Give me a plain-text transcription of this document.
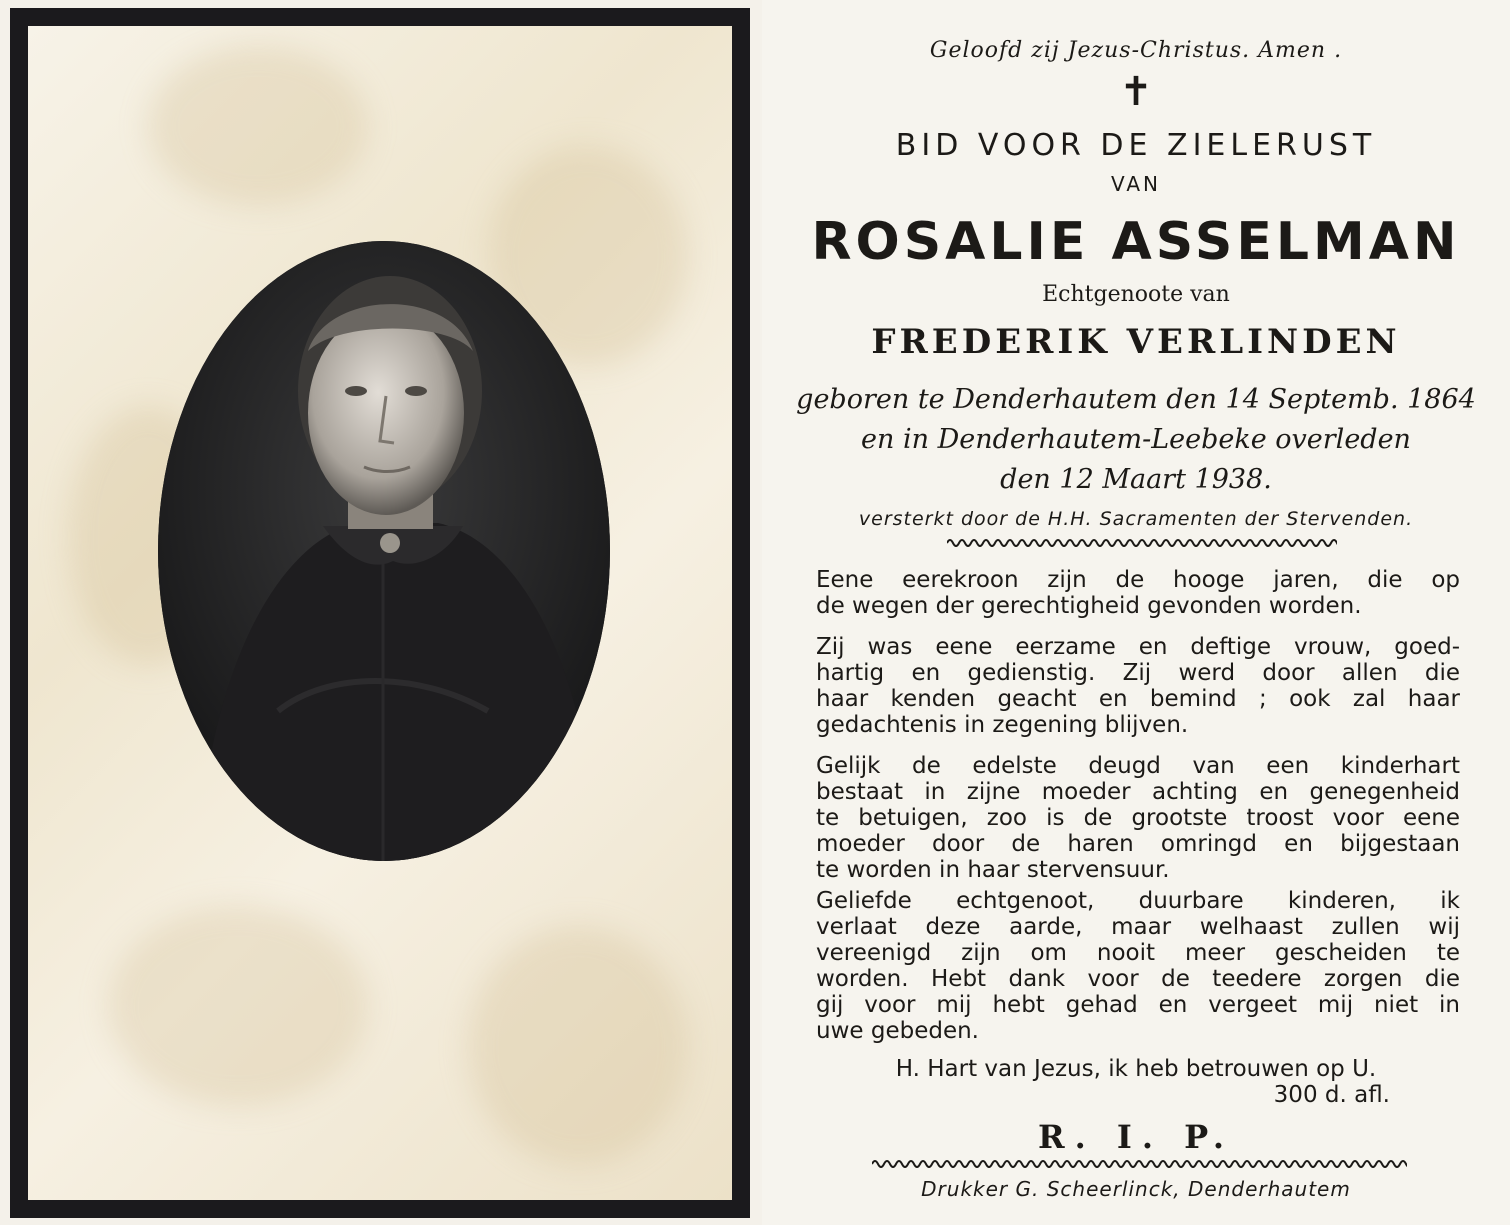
Geloofd zij Jezus-Christus. Amen .
✝
BID VOOR DE ZIELERUST
VAN
ROSALIE ASSELMAN
Echtgenoote van
FREDERIK VERLINDEN
geboren te Denderhautem den 14 Septemb. 1864
en in Denderhautem-Leebeke overleden
den 12 Maart 1938.
versterkt door de H.H. Sacramenten der Stervenden.
Eene eerekroon zijn de hooge jaren, die op
de wegen der gerechtigheid gevonden worden.
Zij was eene eerzame en deftige vrouw, goed-
hartig en gedienstig. Zij werd door allen die
haar kenden geacht en bemind ; ook zal haar
gedachtenis in zegening blijven.
Gelijk de edelste deugd van een kinderhart
bestaat in zijne moeder achting en genegenheid
te betuigen, zoo is de grootste troost voor eene
moeder door de haren omringd en bijgestaan
te worden in haar stervensuur.
Geliefde echtgenoot, duurbare kinderen, ik
verlaat deze aarde, maar welhaast zullen wij
vereenigd zijn om nooit meer gescheiden te
worden. Hebt dank voor de teedere zorgen die
gij voor mij hebt gehad en vergeet mij niet in
uwe gebeden.
H. Hart van Jezus, ik heb betrouwen op U.
300 d. afl.
R. I. P.
Drukker G. Scheerlinck, Denderhautem
